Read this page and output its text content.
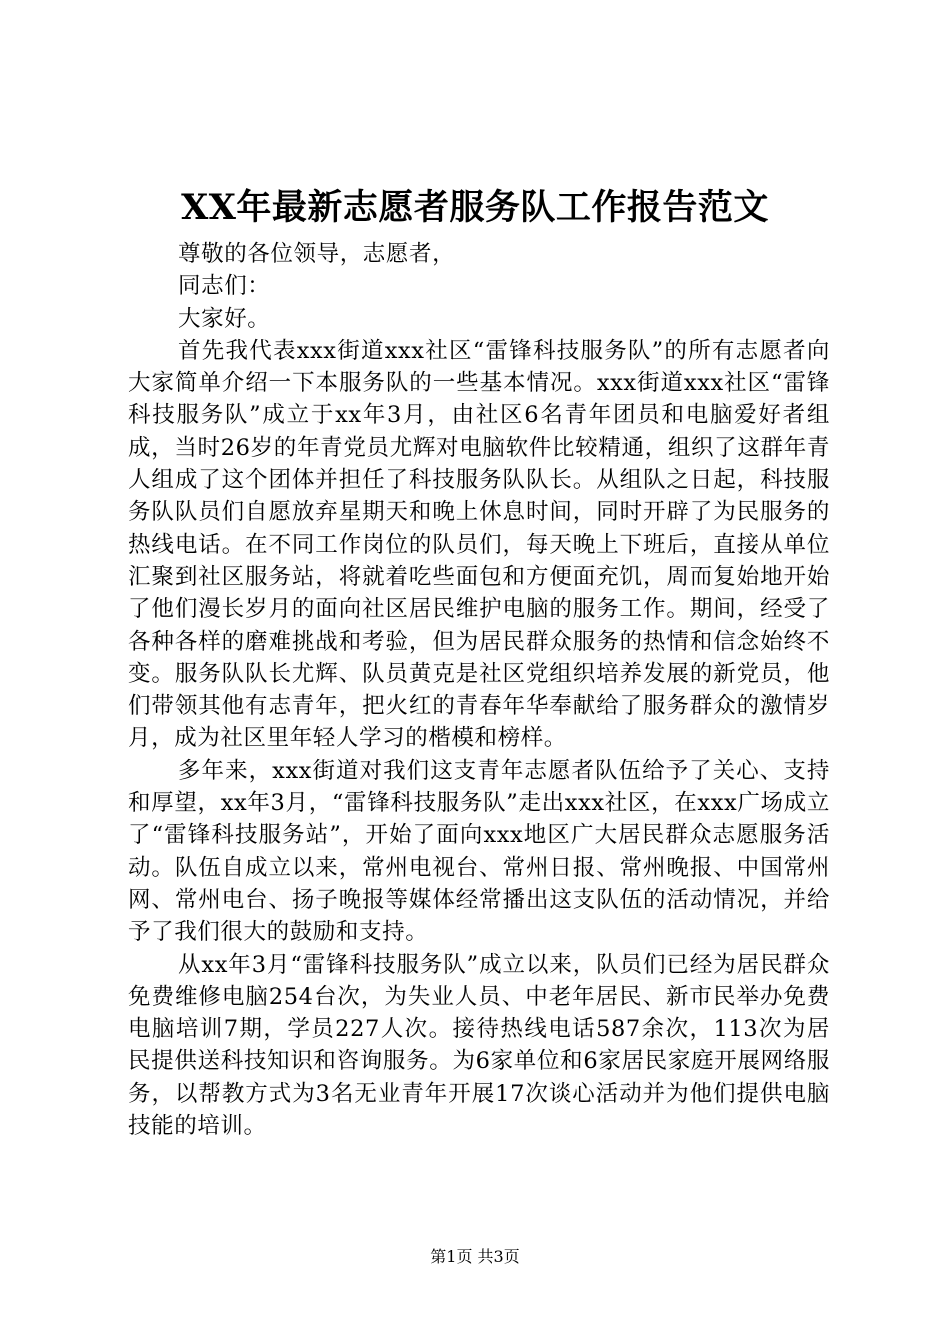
XX年最新志愿者服务队工作报告范文

尊敬的各位领导，志愿者，

同志们：

大家好。

首先我代表xxx街道xxx社区“雷锋科技服务队”的所有志愿者向大家简单介绍一下本服务队的一些基本情况。xxx街道xxx社区“雷锋科技服务队”成立于xx年3月，由社区6名青年团员和电脑爱好者组成，当时26岁的年青党员尤辉对电脑软件比较精通，组织了这群年青人组成了这个团体并担任了科技服务队队长。从组队之日起，科技服务队队员们自愿放弃星期天和晚上休息时间，同时开辟了为民服务的热线电话。在不同工作岗位的队员们，每天晚上下班后，直接从单位汇聚到社区服务站，将就着吃些面包和方便面充饥，周而复始地开始了他们漫长岁月的面向社区居民维护电脑的服务工作。期间，经受了各种各样的磨难挑战和考验，但为居民群众服务的热情和信念始终不变。服务队队长尤辉、队员黄克是社区党组织培养发展的新党员，他们带领其他有志青年，把火红的青春年华奉献给了服务群众的激情岁月，成为社区里年轻人学习的楷模和榜样。

多年来，xxx街道对我们这支青年志愿者队伍给予了关心、支持和厚望，xx年3月，“雷锋科技服务队”走出xxx社区，在xxx广场成立了“雷锋科技服务站”，开始了面向xxx地区广大居民群众志愿服务活动。队伍自成立以来，常州电视台、常州日报、常州晚报、中国常州网、常州电台、扬子晚报等媒体经常播出这支队伍的活动情况，并给予了我们很大的鼓励和支持。

从xx年3月“雷锋科技服务队”成立以来，队员们已经为居民群众免费维修电脑254台次，为失业人员、中老年居民、新市民举办免费电脑培训7期，学员227人次。接待热线电话587余次，113次为居民提供送科技知识和咨询服务。为6家单位和6家居民家庭开展网络服务，以帮教方式为3名无业青年开展17次谈心活动并为他们提供电脑技能的培训。

第1页 共3页
